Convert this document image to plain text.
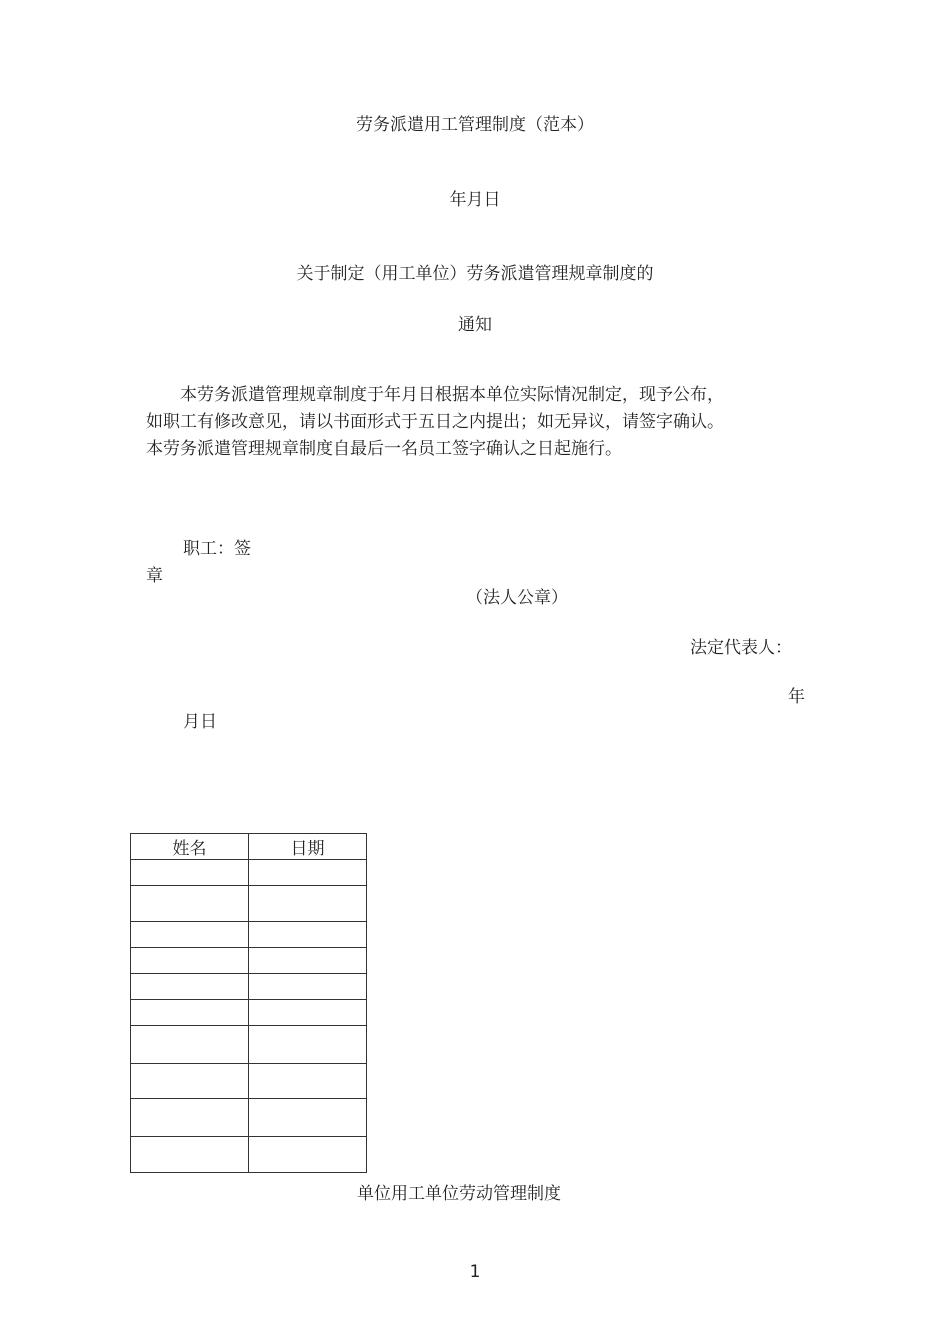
劳务派遣用工管理制度（范本）
年月日
关于制定（用工单位）劳务派遣管理规章制度的
通知
本劳务派遣管理规章制度于年月日根据本单位实际情况制定，现予公布，
如职工有修改意见，请以书面形式于五日之内提出；如无异议，请签字确认。
本劳务派遣管理规章制度自最后一名员工签字确认之日起施行。
职工：签
章
（法人公章）
法定代表人：
年
月日
姓名	日期

单位用工单位劳动管理制度
1
